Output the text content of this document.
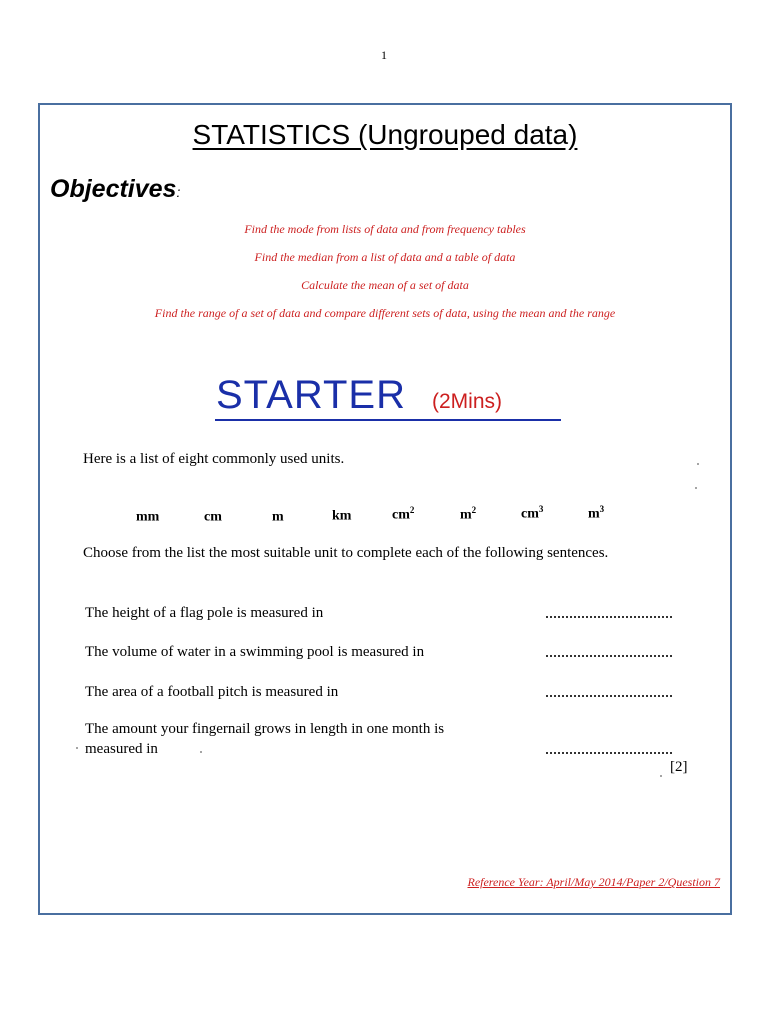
1
STATISTICS (Ungrouped data)
Objectives:
Find the mode from lists of data and from frequency tables
Find the median from a list of data and a table of data
Calculate the mean of a set of data
Find the range of a set of data and compare different sets of data, using the mean and the range
STARTER (2Mins)
Here is a list of eight commonly used units.
mm	cm	m	km	$cm^2$	$m^2$	$cm^3$	$m^3$
Choose from the list the most suitable unit to complete each of the following sentences.
The height of a flag pole is measured in
The volume of water in a swimming pool is measured in
The area of a football pitch is measured in
The amount your fingernail grows in length in one month is
measured in
[2]
Reference Year: April/May 2014/Paper 2/Question 7
